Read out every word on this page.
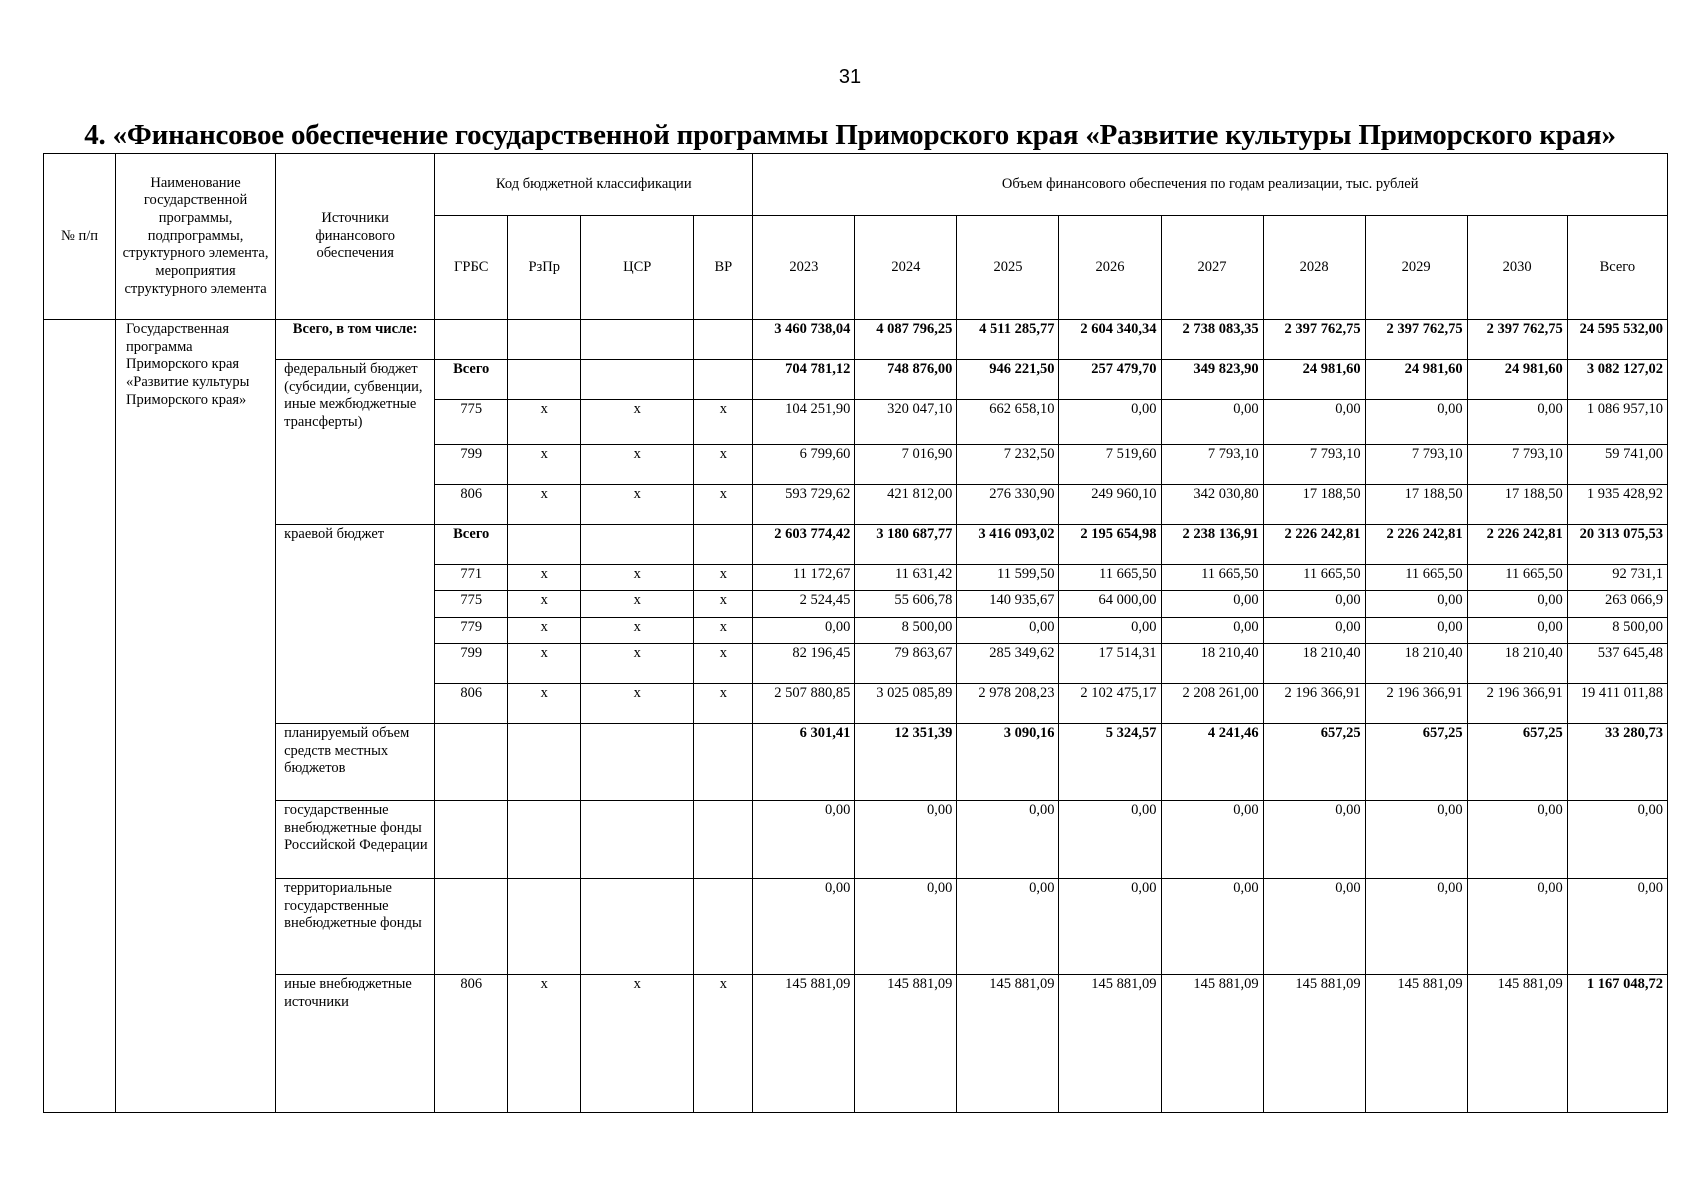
31
4. «Финансовое обеспечение государственной программы Приморского края «Развитие культуры Приморского края»
№ п/п	Наименование государственной программы, подпрограммы, структурного элемента, мероприятия структурного элемента	Источники финансового обеспечения	Код бюджетной классификации				Объем финансового обеспечения по годам реализации, тыс. рублей								
			ГРБС	РзПр	ЦСР	ВР	2023	2024	2025	2026	2027	2028	2029	2030	Всего
	Государственная программа Приморского края «Развитие культуры Приморского края»	Всего, в том числе:					3 460 738,04	4 087 796,25	4 511 285,77	2 604 340,34	2 738 083,35	2 397 762,75	2 397 762,75	2 397 762,75	24 595 532,00
		федеральный бюджет (субсидии, субвенции, иные межбюджетные трансферты)	Всего				704 781,12	748 876,00	946 221,50	257 479,70	349 823,90	24 981,60	24 981,60	24 981,60	3 082 127,02
			775	х	х	х	104 251,90	320 047,10	662 658,10	0,00	0,00	0,00	0,00	0,00	1 086 957,10
			799	х	х	х	6 799,60	7 016,90	7 232,50	7 519,60	7 793,10	7 793,10	7 793,10	7 793,10	59 741,00
			806	х	х	х	593 729,62	421 812,00	276 330,90	249 960,10	342 030,80	17 188,50	17 188,50	17 188,50	1 935 428,92
		краевой бюджет	Всего				2 603 774,42	3 180 687,77	3 416 093,02	2 195 654,98	2 238 136,91	2 226 242,81	2 226 242,81	2 226 242,81	20 313 075,53
			771	х	х	х	11 172,67	11 631,42	11 599,50	11 665,50	11 665,50	11 665,50	11 665,50	11 665,50	92 731,1
			775	х	х	х	2 524,45	55 606,78	140 935,67	64 000,00	0,00	0,00	0,00	0,00	263 066,9
			779	х	х	х	0,00	8 500,00	0,00	0,00	0,00	0,00	0,00	0,00	8 500,00
			799	х	х	х	82 196,45	79 863,67	285 349,62	17 514,31	18 210,40	18 210,40	18 210,40	18 210,40	537 645,48
			806	х	х	х	2 507 880,85	3 025 085,89	2 978 208,23	2 102 475,17	2 208 261,00	2 196 366,91	2 196 366,91	2 196 366,91	19 411 011,88
		планируемый объем средств местных бюджетов					6 301,41	12 351,39	3 090,16	5 324,57	4 241,46	657,25	657,25	657,25	33 280,73
		государственные внебюджетные фонды Российской Федерации					0,00	0,00	0,00	0,00	0,00	0,00	0,00	0,00	0,00
		территориальные государственные внебюджетные фонды					0,00	0,00	0,00	0,00	0,00	0,00	0,00	0,00	0,00
		иные внебюджетные источники	806	х	х	х	145 881,09	145 881,09	145 881,09	145 881,09	145 881,09	145 881,09	145 881,09	145 881,09	1 167 048,72
